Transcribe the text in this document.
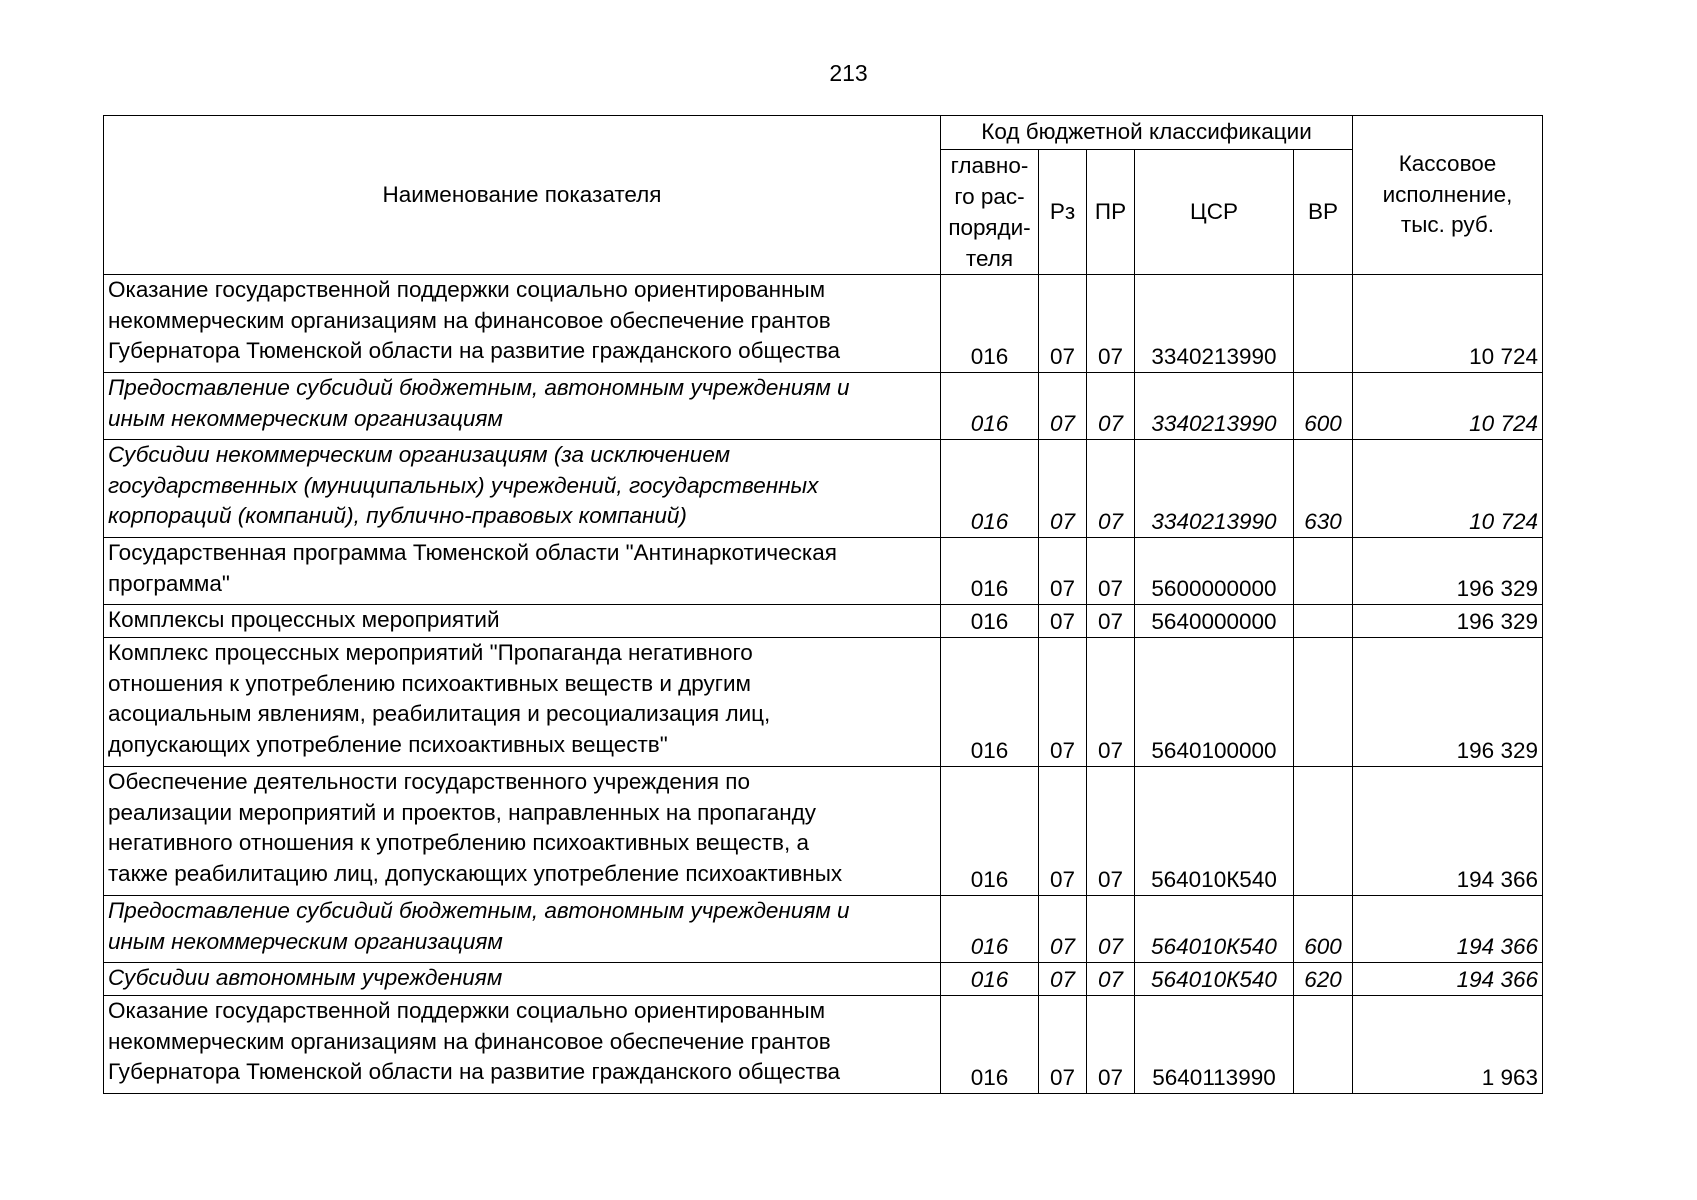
213
Наименование показателя	Код бюджетной классификации					Кассовое
исполнение,
тыс. руб.
	главно-
го рас-
поряди-
теля	Рз	ПР	ЦСР	ВР	
Оказание государственной поддержки социально ориентированным
некоммерческим организациям на финансовое обеспечение грантов
Губернатора Тюменской области на развитие гражданского общества	016	07	07	3340213990		10 724
Предоставление субсидий бюджетным, автономным учреждениям и
иным некоммерческим организациям	016	07	07	3340213990	600	10 724
Субсидии некоммерческим организациям (за исключением
государственных (муниципальных) учреждений, государственных
корпораций (компаний), публично-правовых компаний)	016	07	07	3340213990	630	10 724
Государственная программа Тюменской области "Антинаркотическая
программа"	016	07	07	5600000000		196 329
Комплексы процессных мероприятий	016	07	07	5640000000		196 329
Комплекс процессных мероприятий "Пропаганда негативного
отношения к употреблению психоактивных веществ и другим
асоциальным явлениям, реабилитация и ресоциализация лиц,
допускающих употребление психоактивных веществ"	016	07	07	5640100000		196 329
Обеспечение деятельности государственного учреждения по
реализации мероприятий и проектов, направленных на пропаганду
негативного отношения к употреблению психоактивных веществ, а
также реабилитацию лиц, допускающих употребление психоактивных	016	07	07	564010К540		194 366
Предоставление субсидий бюджетным, автономным учреждениям и
иным некоммерческим организациям	016	07	07	564010К540	600	194 366
Субсидии автономным учреждениям	016	07	07	564010К540	620	194 366
Оказание государственной поддержки социально ориентированным
некоммерческим организациям на финансовое обеспечение грантов
Губернатора Тюменской области на развитие гражданского общества	016	07	07	5640113990		1 963
